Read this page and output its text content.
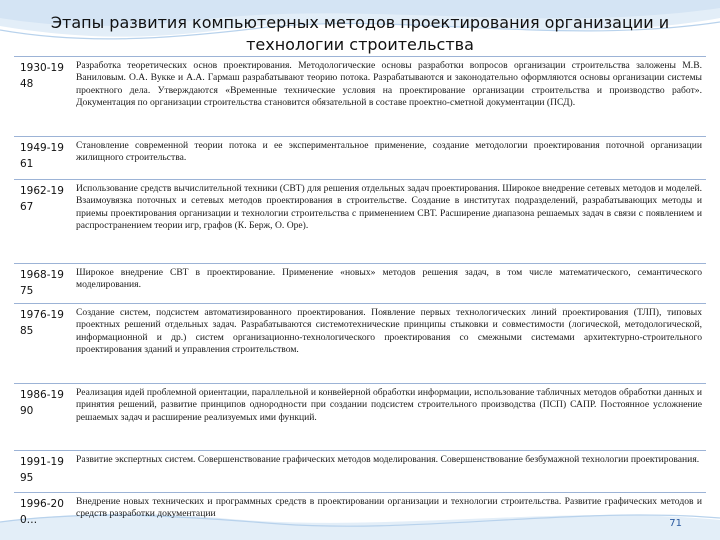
Этапы развития компьютерных методов проектирования организации и технологии строительства
1930-19 48	Разработка теоретических основ проектирования. Методологические основы разработки вопросов организации строительства заложены М.В. Ваниловым. О.А. Вукке и А.А. Гармаш разрабатывают теорию потока. Разрабатываются и законодательно оформляются основы организации системы проектного дела. Утверждаются «Временные технические условия на проектирование организации строительства и производство работ». Документация по организации строительства становится обязательной в составе проектно-сметной документации (ПСД).
1949-19 61	Становление современной теории потока и ее экспериментальное применение, создание методологии проектирования поточной организации жилищного строительства.
1962-19 67	Использование средств вычислительной техники (СВТ) для решения отдельных задач проектирования. Широкое внедрение сетевых методов и моделей. Взаимоувязка поточных и сетевых методов проектирования в строительстве. Создание в институтах подразделений, разрабатывающих методы и приемы проектирования организации и технологии строительства с применением СВТ. Расширение диапазона решаемых задач в связи с появлением и распространением теории игр, графов (К. Берж, О. Оре).
1968-19 75	Широкое внедрение СВТ в проектирование. Применение «новых» методов решения задач, в том числе математического, семантического моделирования.
1976-19 85	Создание систем, подсистем автоматизированного проектирования. Появление первых технологических линий проектирования (ТЛП), типовых проектных решений отдельных задач. Разрабатываются системотехнические принципы стыковки и совместимости (логической, методологической, информационной и др.) систем организационно-технологического проектирования со смежными системами архитектурно-строительного проектирования зданий и управления строительством.
1986-19 90	Реализация идей проблемной ориентации, параллельной и конвейерной обработки информации, использование табличных методов обработки данных и принятия решений, развитие принципов однородности при создании подсистем строительного производства (ПСП) САПР. Постоянное усложнение решаемых задач и расширение реализуемых ими функций.
1991-19 95	Развитие экспертных систем. Совершенствование графических методов моделирования. Совершенствование безбумажной технологии проектирования.
1996-20 0…	Внедрение новых технических и программных средств в проектировании организации и технологии строительства. Развитие графических методов и средств разработки документации
71
